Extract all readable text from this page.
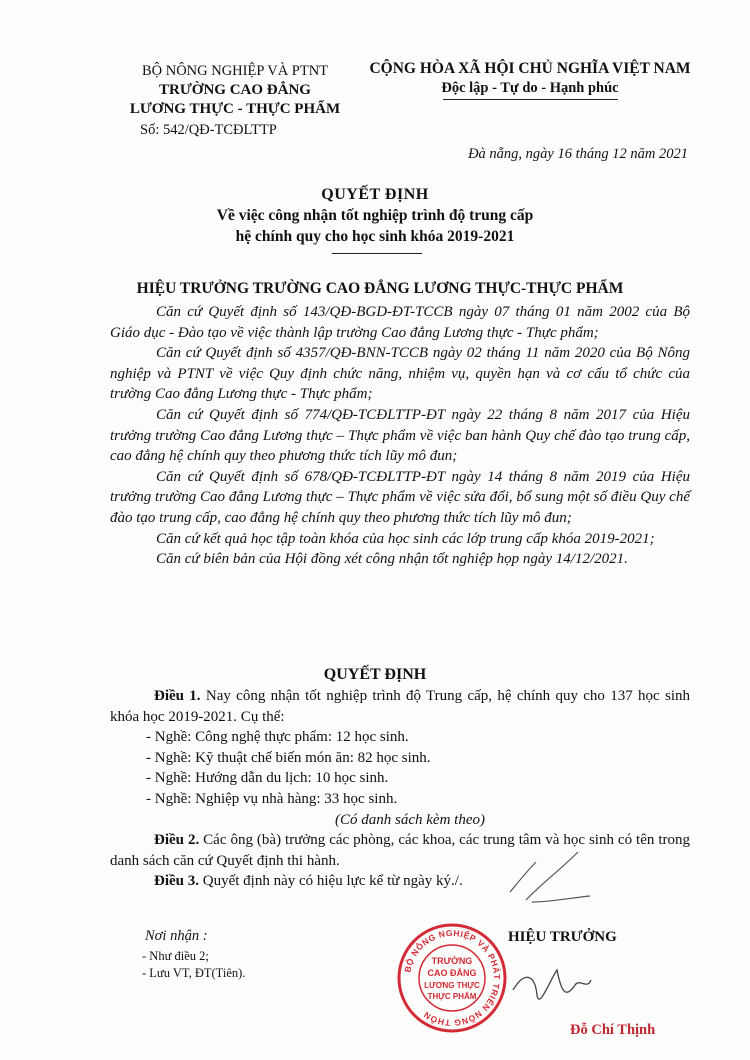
BỘ NÔNG NGHIỆP VÀ PTNT
TRƯỜNG CAO ĐẲNG
LƯƠNG THỰC - THỰC PHẨM
Số: 542/QĐ-TCĐLTTP
CỘNG HÒA XÃ HỘI CHỦ NGHĨA VIỆT NAM
Độc lập - Tự do - Hạnh phúc
Đà nẵng, ngày 16 tháng 12 năm 2021
QUYẾT ĐỊNH
Về việc công nhận tốt nghiệp trình độ trung cấp
hệ chính quy cho học sinh khóa 2019-2021
HIỆU TRƯỞNG TRƯỜNG CAO ĐẲNG LƯƠNG THỰC-THỰC PHẨM

Căn cứ Quyết định số 143/QĐ-BGD-ĐT-TCCB ngày 07 tháng 01 năm 2002 của Bộ Giáo dục - Đào tạo về việc thành lập trường Cao đẳng Lương thực - Thực phẩm;

Căn cứ Quyết định số 4357/QĐ-BNN-TCCB ngày 02 tháng 11 năm 2020 của Bộ Nông nghiệp và PTNT về việc Quy định chức năng, nhiệm vụ, quyền hạn và cơ cấu tổ chức của trường Cao đẳng Lương thực - Thực phẩm;

Căn cứ Quyết định số 774/QĐ-TCĐLTTP-ĐT ngày 22 tháng 8 năm 2017 của Hiệu trưởng trường Cao đẳng Lương thực – Thực phẩm về việc ban hành Quy chế đào tạo trung cấp, cao đẳng hệ chính quy theo phương thức tích lũy mô đun;

Căn cứ Quyết định số 678/QĐ-TCĐLTTP-ĐT ngày 14 tháng 8 năm 2019 của Hiệu trưởng trường Cao đẳng Lương thực – Thực phẩm về việc sửa đổi, bổ sung một số điều Quy chế đào tạo trung cấp, cao đẳng hệ chính quy theo phương thức tích lũy mô đun;

Căn cứ kết quả học tập toàn khóa của học sinh các lớp trung cấp khóa 2019-2021;

Căn cứ biên bản của Hội đồng xét công nhận tốt nghiệp họp ngày 14/12/2021.

QUYẾT ĐỊNH

Điều 1. Nay công nhận tốt nghiệp trình độ Trung cấp, hệ chính quy cho 137 học sinh khóa học 2019-2021. Cụ thể:

- Nghề: Công nghệ thực phẩm: 12 học sinh.

- Nghề: Kỹ thuật chế biến món ăn: 82 học sinh.

- Nghề: Hướng dẫn du lịch: 10 học sinh.

- Nghề: Nghiệp vụ nhà hàng: 33 học sinh.

(Có danh sách kèm theo)

Điều 2. Các ông (bà) trưởng các phòng, các khoa, các trung tâm và học sinh có tên trong danh sách căn cứ Quyết định thi hành.

Điều 3. Quyết định này có hiệu lực kể từ ngày ký./.

Nơi nhận :
- Như điều 2;
- Lưu VT, ĐT(Tiên).
HIỆU TRƯỞNG
BỘ NÔNG NGHIỆP VÀ PHÁT TRIỂN NÔNG THÔN
TRƯỜNG
CAO ĐẲNG
LƯƠNG THỰC
THỰC PHẨM
Đỗ Chí Thịnh
